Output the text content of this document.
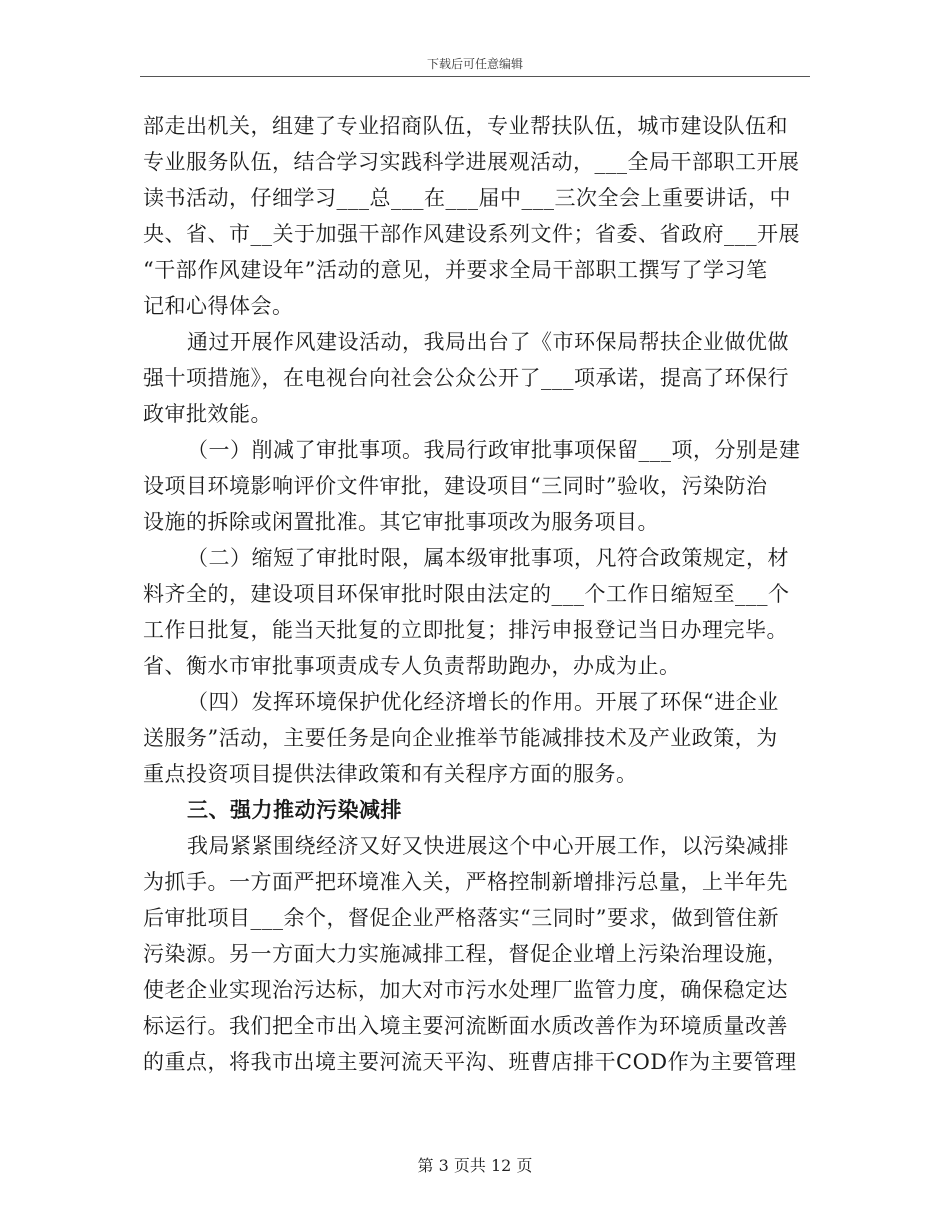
下载后可任意编辑
部走出机关，组建了专业招商队伍，专业帮扶队伍，城市建设队伍和
专业服务队伍，结合学习实践科学进展观活动，___全局干部职工开展
读书活动，仔细学习___总___在___届中___三次全会上重要讲话，中
央、省、市__关于加强干部作风建设系列文件；省委、省政府___开展
“干部作风建设年”活动的意见，并要求全局干部职工撰写了学习笔
记和心得体会。
通过开展作风建设活动，我局出台了《市环保局帮扶企业做优做
强十项措施》，在电视台向社会公众公开了___项承诺，提高了环保行
政审批效能。
（一）削减了审批事项。我局行政审批事项保留___项，分别是建
设项目环境影响评价文件审批，建设项目“三同时”验收，污染防治
设施的拆除或闲置批准。其它审批事项改为服务项目。
（二）缩短了审批时限，属本级审批事项，凡符合政策规定，材
料齐全的，建设项目环保审批时限由法定的___个工作日缩短至___个
工作日批复，能当天批复的立即批复；排污申报登记当日办理完毕。
省、衡水市审批事项责成专人负责帮助跑办，办成为止。
（四）发挥环境保护优化经济增长的作用。开展了环保“进企业
送服务”活动，主要任务是向企业推举节能减排技术及产业政策，为
重点投资项目提供法律政策和有关程序方面的服务。
三、强力推动污染减排
我局紧紧围绕经济又好又快进展这个中心开展工作，以污染减排
为抓手。一方面严把环境准入关，严格控制新增排污总量，上半年先
后审批项目___余个，督促企业严格落实“三同时”要求，做到管住新
污染源。另一方面大力实施减排工程，督促企业增上污染治理设施，
使老企业实现治污达标，加大对市污水处理厂监管力度，确保稳定达
标运行。我们把全市出入境主要河流断面水质改善作为环境质量改善
的重点，将我市出境主要河流天平沟、班曹店排干COD作为主要管理
第 3 页共 12 页
